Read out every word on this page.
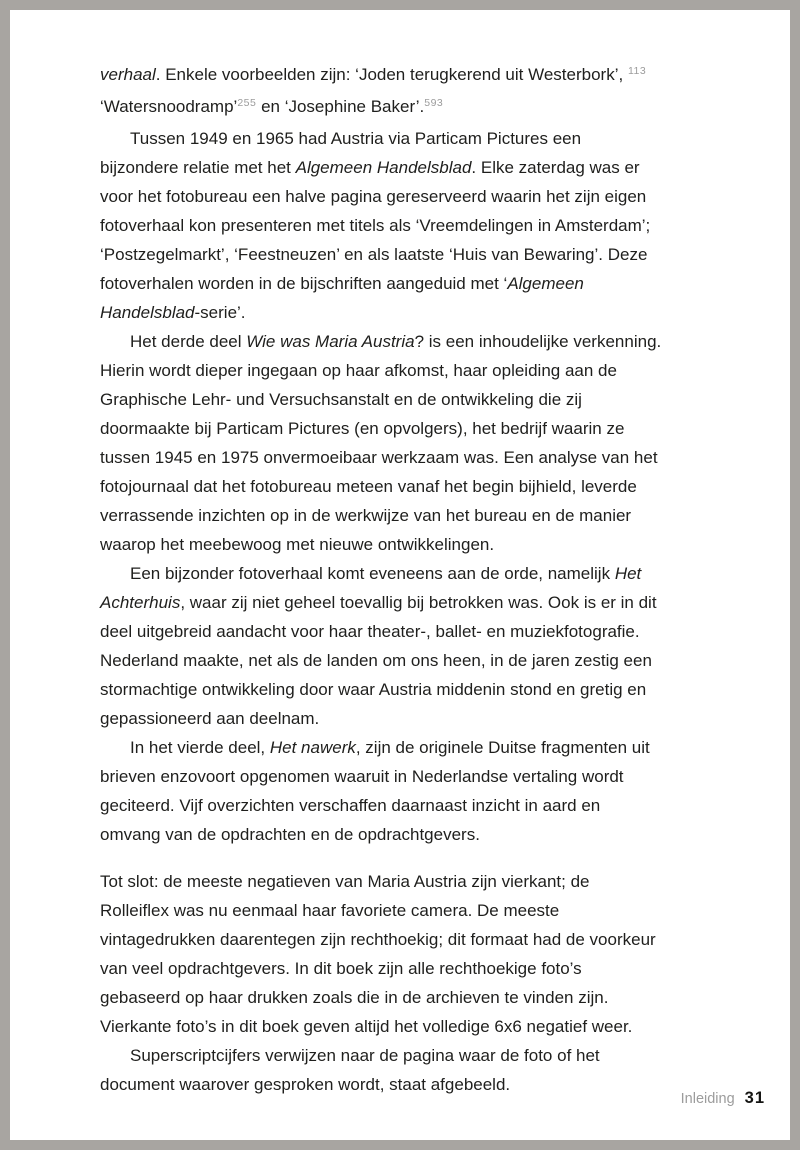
verhaal. Enkele voorbeelden zijn: ‘Joden terugkerend uit Westerbork’, $^{113}$ ‘Watersnoodramp’$^{255}$ en ‘Josephine Baker’.$^{593}$

Tussen 1949 en 1965 had Austria via Particam Pictures een bijzondere relatie met het Algemeen Handelsblad. Elke zaterdag was er voor het fotobureau een halve pagina gereserveerd waarin het zijn eigen fotoverhaal kon presenteren met titels als ‘Vreemdelingen in Amsterdam’; ‘Postzegelmarkt’, ‘Feestneuzen’ en als laatste ‘Huis van Bewaring’. Deze fotoverhalen worden in de bijschriften aangeduid met ‘Algemeen Handelsblad-serie’.

Het derde deel Wie was Maria Austria? is een inhoudelijke verkenning. Hierin wordt dieper ingegaan op haar afkomst, haar opleiding aan de Graphische Lehr- und Versuchsanstalt en de ontwikkeling die zij doormaakte bij Particam Pictures (en opvolgers), het bedrijf waarin ze tussen 1945 en 1975 onvermoeibaar werkzaam was. Een analyse van het fotojournaal dat het fotobureau meteen vanaf het begin bijhield, leverde verrassende inzichten op in de werkwijze van het bureau en de manier waarop het meebewoog met nieuwe ontwikkelingen.

Een bijzonder fotoverhaal komt eveneens aan de orde, namelijk Het Achterhuis, waar zij niet geheel toevallig bij betrokken was. Ook is er in dit deel uitgebreid aandacht voor haar theater-, ballet- en muziekfotografie. Nederland maakte, net als de landen om ons heen, in de jaren zestig een stormachtige ontwikkeling door waar Austria middenin stond en gretig en gepassioneerd aan deelnam.

In het vierde deel, Het nawerk, zijn de originele Duitse fragmenten uit brieven enzovoort opgenomen waaruit in Nederlandse vertaling wordt geciteerd. Vijf overzichten verschaffen daarnaast inzicht in aard en omvang van de opdrachten en de opdrachtgevers.

Tot slot: de meeste negatieven van Maria Austria zijn vierkant; de Rolleiflex was nu eenmaal haar favoriete camera. De meeste vintagedrukken daarentegen zijn rechthoekig; dit formaat had de voorkeur van veel opdrachtgevers. In dit boek zijn alle rechthoekige foto’s gebaseerd op haar drukken zoals die in de archieven te vinden zijn. Vierkante foto’s in dit boek geven altijd het volledige 6x6 negatief weer.

Superscriptcijfers verwijzen naar de pagina waar de foto of het document waarover gesproken wordt, staat afgebeeld.

Inleiding 31
